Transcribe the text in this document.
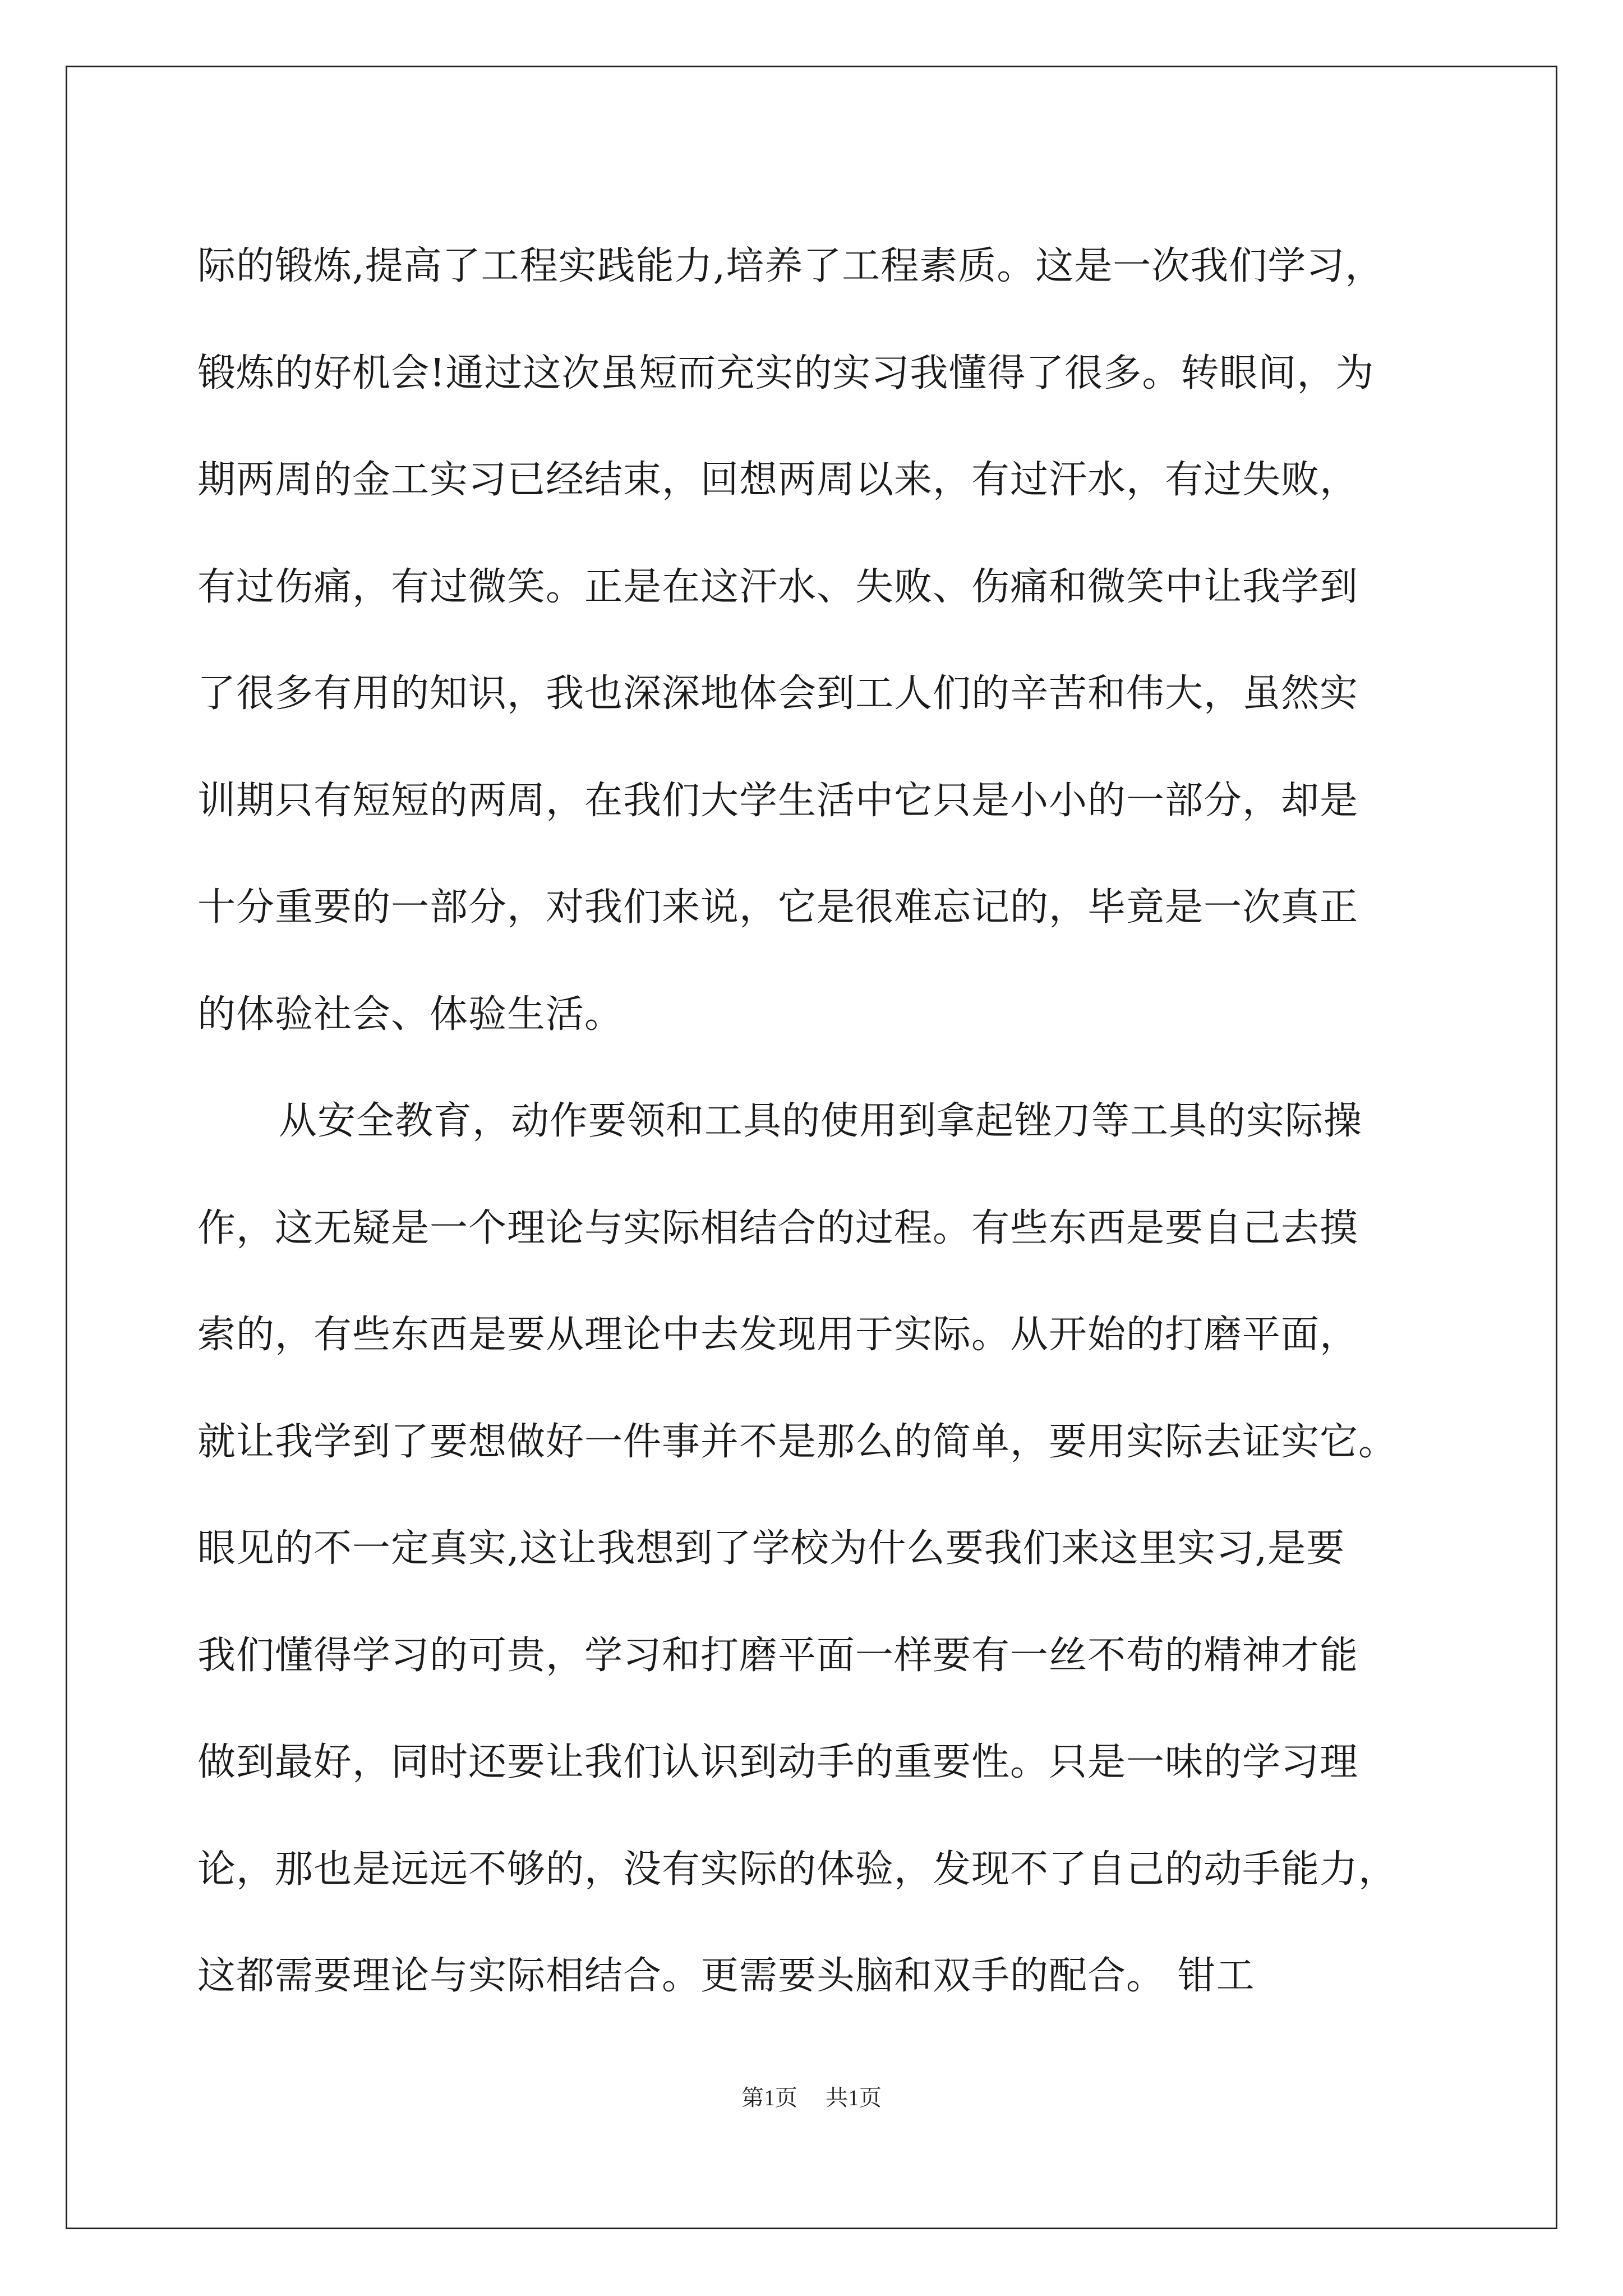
际的锻炼,提高了工程实践能力,培养了工程素质。这是一次我们学习，
锻炼的好机会!通过这次虽短而充实的实习我懂得了很多。转眼间，为
期两周的金工实习已经结束，回想两周以来，有过汗水，有过失败，
有过伤痛，有过微笑。正是在这汗水、失败、伤痛和微笑中让我学到
了很多有用的知识，我也深深地体会到工人们的辛苦和伟大，虽然实
训期只有短短的两周，在我们大学生活中它只是小小的一部分，却是
十分重要的一部分，对我们来说，它是很难忘记的，毕竟是一次真正
的体验社会、体验生活。
从安全教育，动作要领和工具的使用到拿起锉刀等工具的实际操
作，这无疑是一个理论与实际相结合的过程。有些东西是要自己去摸
索的，有些东西是要从理论中去发现用于实际。从开始的打磨平面，
就让我学到了要想做好一件事并不是那么的简单，要用实际去证实它。
眼见的不一定真实,这让我想到了学校为什么要我们来这里实习,是要
我们懂得学习的可贵，学习和打磨平面一样要有一丝不苟的精神才能
做到最好，同时还要让我们认识到动手的重要性。只是一味的学习理
论，那也是远远不够的，没有实际的体验，发现不了自己的动手能力，
这都需要理论与实际相结合。更需要头脑和双手的配合。 钳工
第1页 共1页
